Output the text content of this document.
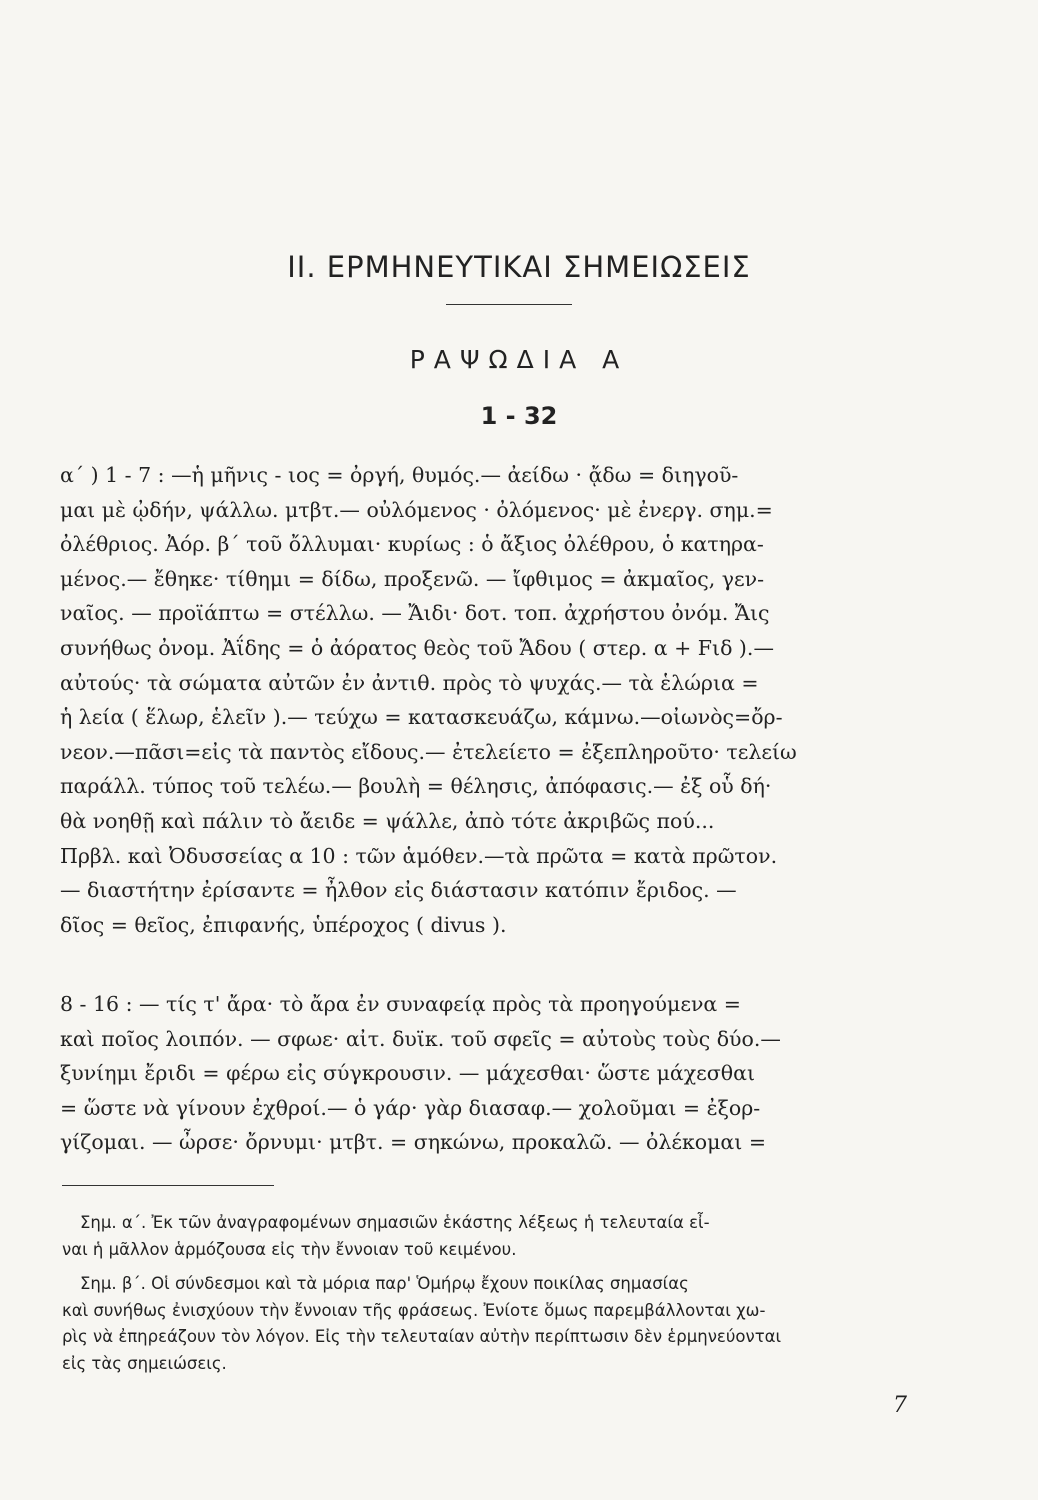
II. ΕΡΜΗΝΕΥΤΙΚΑΙ ΣΗΜΕΙΩΣΕΙΣ
ΡΑΨΩΔΙΑ Α
1 - 32
α΄ ) 1 - 7 : —ἡ μῆνις - ιος = ὀργή, θυμός.— ἀείδω · ᾄδω = διηγοῦ-
μαι μὲ ᾠδήν, ψάλλω. μτβτ.— οὐλόμενος · ὀλόμενος· μὲ ἐνεργ. σημ.=
ὀλέθριος. Ἀόρ. β΄ τοῦ ὄλλυμαι· κυρίως : ὁ ἄξιος ὀλέθρου, ὁ κατηρα-
μένος.— ἔθηκε· τίθημι = δίδω, προξενῶ. — ἴφθιμος = ἀκμαῖος, γεν-
ναῖος. — προϊάπτω = στέλλω. — Ἄιδι· δοτ. τοπ. ἀχρήστου ὀνόμ. Ἄις
συνήθως ὀνομ. Ἀΐδης = ὁ ἀόρατος θεὸς τοῦ Ἄδου ( στερ. α + Fιδ ).—
αὐτούς· τὰ σώματα αὐτῶν ἐν ἀντιθ. πρὸς τὸ ψυχάς.— τὰ ἑλώρια =
ἡ λεία ( ἕλωρ, ἑλεῖν ).— τεύχω = κατασκευάζω, κάμνω.—οἰωνὸς=ὄρ-
νεον.—πᾶσι=εἰς τὰ παντὸς εἴδους.— ἐτελείετο = ἐξεπληροῦτο· τελείω
παράλλ. τύπος τοῦ τελέω.— βουλὴ = θέλησις, ἀπόφασις.— ἐξ οὗ δή·
θὰ νοηθῇ καὶ πάλιν τὸ ἄειδε = ψάλλε, ἀπὸ τότε ἀκριβῶς πού...
Πρβλ. καὶ Ὀδυσσείας α 10 : τῶν ἁμόθεν.—τὰ πρῶτα = κατὰ πρῶτον.
— διαστήτην ἐρίσαντε = ἦλθον εἰς διάστασιν κατόπιν ἔριδος. —
δῖος = θεῖος, ἐπιφανής, ὑπέροχος ( divus ).
8 - 16 : — τίς τ' ἄρα· τὸ ἄρα ἐν συναφείᾳ πρὸς τὰ προηγούμενα =
καὶ ποῖος λοιπόν. — σφωε· αἰτ. δυϊκ. τοῦ σφεῖς = αὐτοὺς τοὺς δύο.—
ξυνίημι ἔριδι = φέρω εἰς σύγκρουσιν. — μάχεσθαι· ὥστε μάχεσθαι
= ὥστε νὰ γίνουν ἐχθροί.— ὁ γάρ· γὰρ διασαφ.— χολοῦμαι = ἐξορ-
γίζομαι. — ὦρσε· ὄρνυμι· μτβτ. = σηκώνω, προκαλῶ. — ὀλέκομαι =
Σημ. α΄. Ἐκ τῶν ἀναγραφομένων σημασιῶν ἑκάστης λέξεως ἡ τελευταία εἶ-
ναι ἡ μᾶλλον ἁρμόζουσα εἰς τὴν ἔννοιαν τοῦ κειμένου.
Σημ. β΄. Οἱ σύνδεσμοι καὶ τὰ μόρια παρ' Ὁμήρῳ ἔχουν ποικίλας σημασίας
καὶ συνήθως ἐνισχύουν τὴν ἔννοιαν τῆς φράσεως. Ἐνίοτε ὅμως παρεμβάλλονται χω-
ρὶς νὰ ἐπηρεάζουν τὸν λόγον. Εἰς τὴν τελευταίαν αὐτὴν περίπτωσιν δὲν ἑρμηνεύονται
εἰς τὰς σημειώσεις.
7
